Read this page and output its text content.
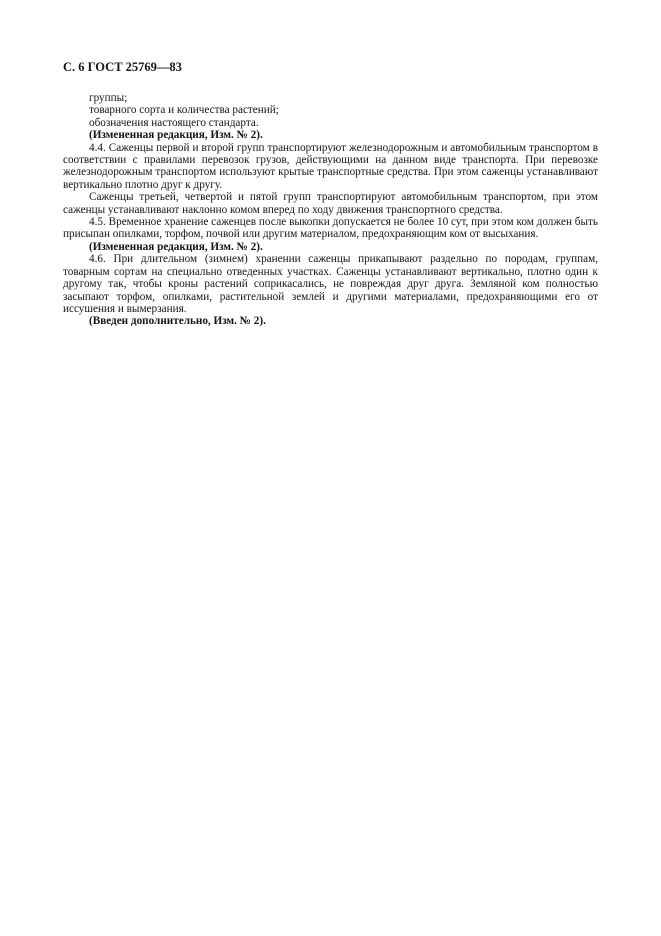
С. 6 ГОСТ 25769—83
группы;
товарного сорта и количества растений;
обозначения настоящего стандарта.

(Измененная редакция, Изм. № 2).

4.4. Саженцы первой и второй групп транспортируют железнодорожным и автомобильным транспортом в соответствии с правилами перевозок грузов, действующими на данном виде транспорта. При перевозке железнодорожным транспортом используют крытые транспортные средства. При этом саженцы устанавливают вертикально плотно друг к другу.

Саженцы третьей, четвертой и пятой групп транспортируют автомобильным транспортом, при этом саженцы устанавливают наклонно комом вперед по ходу движения транспортного средства.

4.5. Временное хранение саженцев после выкопки допускается не более 10 сут, при этом ком должен быть присыпан опилками, торфом, почвой или другим материалом, предохраняющим ком от высыхания.

(Измененная редакция, Изм. № 2).

4.6. При длительном (зимнем) хранении саженцы прикапывают раздельно по породам, группам, товарным сортам на специально отведенных участках. Саженцы устанавливают вертикально, плотно один к другому так, чтобы кроны растений соприкасались, не повреждая друг друга. Земляной ком полностью засыпают торфом, опилками, растительной землей и другими материалами, предохраняющими его от иссушения и вымерзания.

(Введен дополнительно, Изм. № 2).
